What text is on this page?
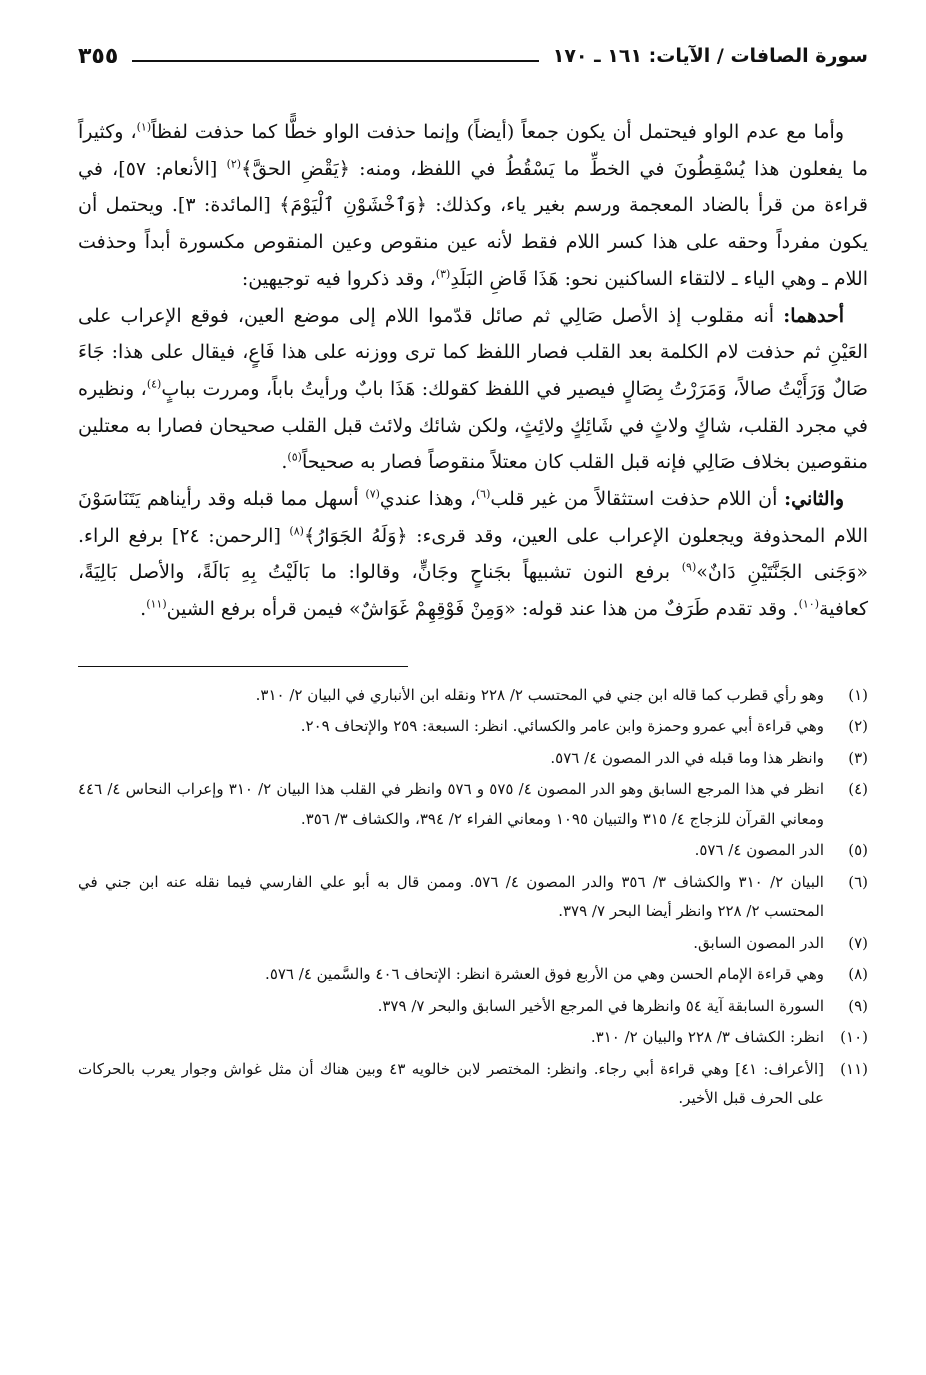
سورة الصافات / الآيات: ١٦١ ـ ١٧٠
٣٥٥

وأما مع عدم الواو فيحتمل أن يكون جمعاً (أيضاً) وإنما حذفت الواو خطًّا كما حذفت لفظاً$^{(١)}$، وكثيراً ما يفعلون هذا يُسْقِطُونَ في الخطِّ ما يَسْقُطُ في اللفظ، ومنه: ﴿يَقْضِ الحقَّ﴾$^{(٢)}$ [الأنعام: ٥٧]، في قراءة من قرأ بالضاد المعجمة ورسم بغير ياء، وكذلك: ﴿وَٱخْشَوْنِ ٱلْيَوْمَ﴾ [المائدة: ٣]. ويحتمل أن يكون مفرداً وحقه على هذا كسر اللام فقط لأنه عين منقوص وعين المنقوص مكسورة أبداً وحذفت اللام ـ وهي الياء ـ لالتقاء الساكنين نحو: هَذَا قَاضِ البَلَدِ$^{(٣)}$، وقد ذكروا فيه توجيهين:

أحدهما: أنه مقلوب إذ الأصل صَالِي ثم صائل قدّموا اللام إلى موضع العين، فوقع الإعراب على العَيْنِ ثم حذفت لام الكلمة بعد القلب فصار اللفظ كما ترى ووزنه على هذا فَاعٍ، فيقال على هذا: جَاءَ صَالٌ وَرَأَيْتُ صالاً، وَمَرَرْتُ بِصَالٍ فيصير في اللفظ كقولك: هَذَا بابٌ ورأيتُ باباً، ومررت ببابٍ$^{(٤)}$، ونظيره في مجرد القلب، شاكٍ ولاثٍ في شَائِكٍ ولائِثٍ، ولكن شائك ولائث قبل القلب صحيحان فصارا به معتلين منقوصين بخلاف صَالِي فإنه قبل القلب كان معتلاً منقوصاً فصار به صحيحاً$^{(٥)}$.

والثاني: أن اللام حذفت استثقالاً من غير قلب$^{(٦)}$، وهذا عندي$^{(٧)}$ أسهل مما قبله وقد رأيناهم يَتَنَاسَوْنَ اللام المحذوفة ويجعلون الإعراب على العين، وقد قرىء: ﴿وَلَهُ الجَوَارُ﴾$^{(٨)}$ [الرحمن: ٢٤] برفع الراء. «وَجَنى الجَنَّتَيْنِ دَانٌ»$^{(٩)}$ برفع النون تشبيهاً بجَناحٍ وجَانٍّ، وقالوا: ما بَالَيْتُ بِهِ بَالَةً، والأصل بَالِيَةً، كعافية$^{(١٠)}$. وقد تقدم طَرَفٌ من هذا عند قوله: «وَمِنْ فَوْقِهِمْ غَوَاشٌ» فيمن قرأه برفع الشين$^{(١١)}$.

(١)
وهو رأي قطرب كما قاله ابن جني في المحتسب ٢/ ٢٢٨ ونقله ابن الأنباري في البيان ٢/ ٣١٠.
(٢)
وهي قراءة أبي عمرو وحمزة وابن عامر والكسائي. انظر: السبعة: ٢٥٩ والإتحاف ٢٠٩.
(٣)
وانظر هذا وما قبله في الدر المصون ٤/ ٥٧٦.
(٤)
انظر في هذا المرجع السابق وهو الدر المصون ٤/ ٥٧٥ و ٥٧٦ وانظر في القلب هذا البيان ٢/ ٣١٠ وإعراب النحاس ٤/ ٤٤٦ ومعاني القرآن للزجاج ٤/ ٣١٥ والتبيان ١٠٩٥ ومعاني الفراء ٢/ ٣٩٤، والكشاف ٣/ ٣٥٦.
(٥)
الدر المصون ٤/ ٥٧٦.
(٦)
البيان ٢/ ٣١٠ والكشاف ٣/ ٣٥٦ والدر المصون ٤/ ٥٧٦. وممن قال به أبو علي الفارسي فيما نقله عنه ابن جني في المحتسب ٢/ ٢٢٨ وانظر أيضا البحر ٧/ ٣٧٩.
(٧)
الدر المصون السابق.
(٨)
وهي قراءة الإمام الحسن وهي من الأربع فوق العشرة انظر: الإتحاف ٤٠٦ والسَّمين ٤/ ٥٧٦.
(٩)
السورة السابقة آية ٥٤ وانظرها في المرجع الأخير السابق والبحر ٧/ ٣٧٩.
(١٠)
انظر: الكشاف ٣/ ٢٢٨ والبيان ٢/ ٣١٠.
(١١)
[الأعراف: ٤١] وهي قراءة أبي رجاء. وانظر: المختصر لابن خالويه ٤٣ وبين هناك أن مثل غواش وجوار يعرب بالحركات على الحرف قبل الأخير.
